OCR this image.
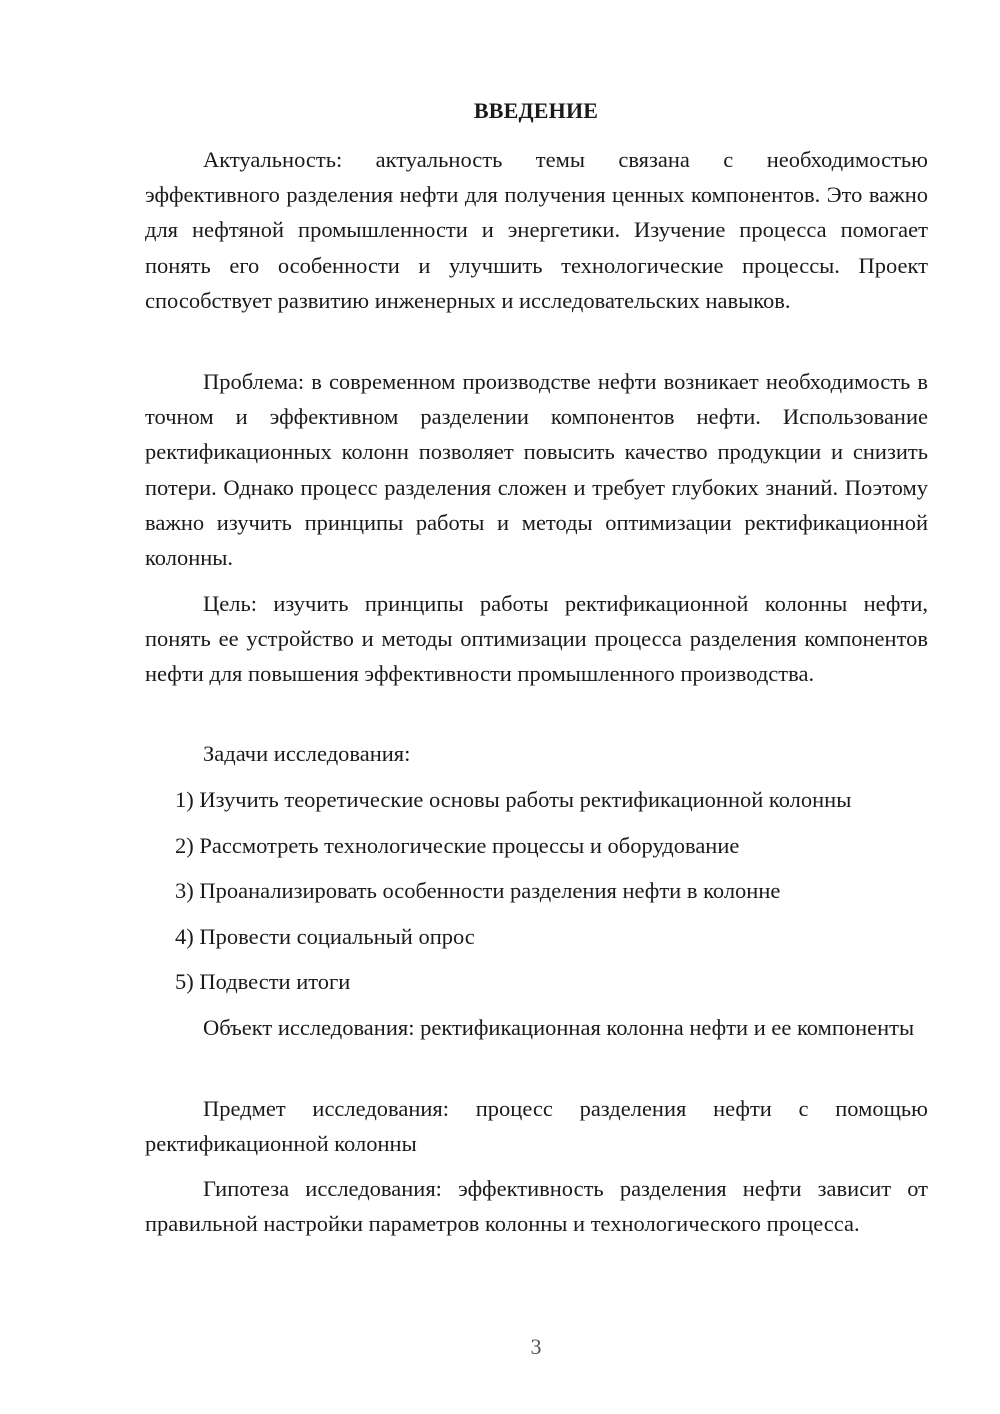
ВВЕДЕНИЕ

Актуальность: актуальность темы связана с необходимостью эффективного разделения нефти для получения ценных компонентов. Это важно для нефтяной промышленности и энергетики. Изучение процесса помогает понять его особенности и улучшить технологические процессы. Проект способствует развитию инженерных и исследовательских навыков.

Проблема: в современном производстве нефти возникает необходимость в точном и эффективном разделении компонентов нефти. Использование ректификационных колонн позволяет повысить качество продукции и снизить потери. Однако процесс разделения сложен и требует глубоких знаний. Поэтому важно изучить принципы работы и методы оптимизации ректификационной колонны.

Цель: изучить принципы работы ректификационной колонны нефти, понять ее устройство и методы оптимизации процесса разделения компонентов нефти для повышения эффективности промышленного производства.

Задачи исследования:

1) Изучить теоретические основы работы ректификационной колонны
2) Рассмотреть технологические процессы и оборудование
3) Проанализировать особенности разделения нефти в колонне
4) Провести социальный опрос
5) Подвести итоги

Объект исследования: ректификационная колонна нефти и ее компоненты

Предмет исследования: процесс разделения нефти с помощью ректификационной колонны

Гипотеза исследования: эффективность разделения нефти зависит от правильной настройки параметров колонны и технологического процесса.

3
